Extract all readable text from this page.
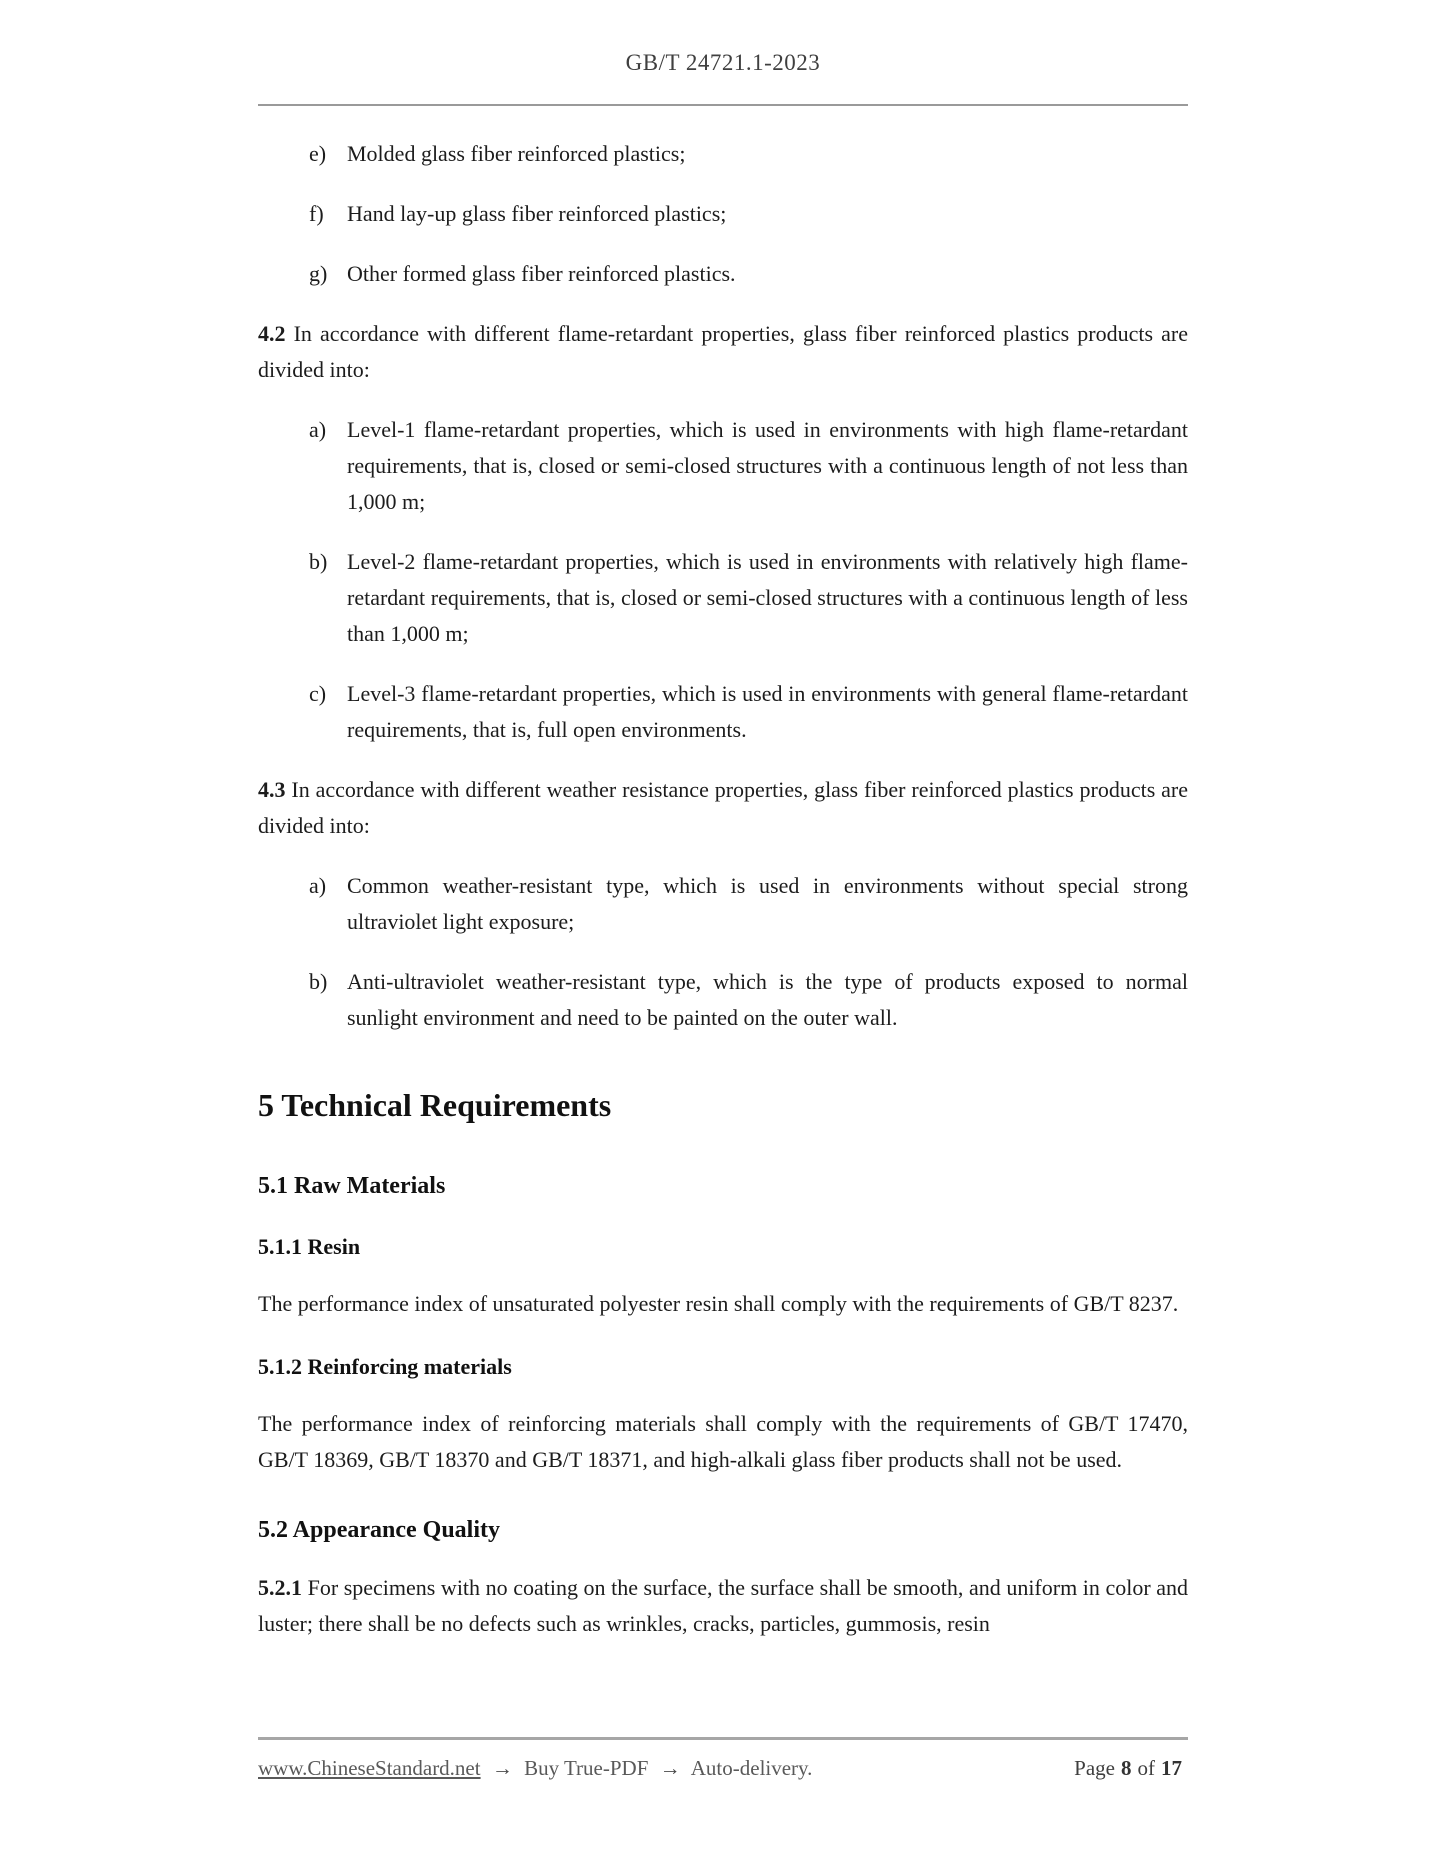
GB/T 24721.1-2023
e) Molded glass fiber reinforced plastics;
f)	Hand lay-up glass fiber reinforced plastics;
g) Other formed glass fiber reinforced plastics.

4.2 In accordance with different flame-retardant properties, glass fiber reinforced plastics products are divided into:

a) Level-1 flame-retardant properties, which is used in environments with high flame-retardant requirements, that is, closed or semi-closed structures with a continuous length of not less than 1,000 m;
b) Level-2 flame-retardant properties, which is used in environments with relatively high flame-retardant requirements, that is, closed or semi-closed structures with a continuous length of less than 1,000 m;
c) Level-3 flame-retardant properties, which is used in environments with general flame-retardant requirements, that is, full open environments.

4.3 In accordance with different weather resistance properties, glass fiber reinforced plastics products are divided into:

a) Common weather-resistant type, which is used in environments without special strong ultraviolet light exposure;
b) Anti-ultraviolet weather-resistant type, which is the type of products exposed to normal sunlight environment and need to be painted on the outer wall.
5 Technical Requirements
5.1 Raw Materials
5.1.1 Resin

The performance index of unsaturated polyester resin shall comply with the requirements of GB/T 8237.

5.1.2 Reinforcing materials

The performance index of reinforcing materials shall comply with the requirements of GB/T 17470, GB/T 18369, GB/T 18370 and GB/T 18371, and high-alkali glass fiber products shall not be used.

5.2 Appearance Quality

5.2.1 For specimens with no coating on the surface, the surface shall be smooth, and uniform in color and luster; there shall be no defects such as wrinkles, cracks, particles, gummosis, resin

www.ChineseStandard.net → Buy True-PDF → Auto-delivery.	Page 8 of 17
